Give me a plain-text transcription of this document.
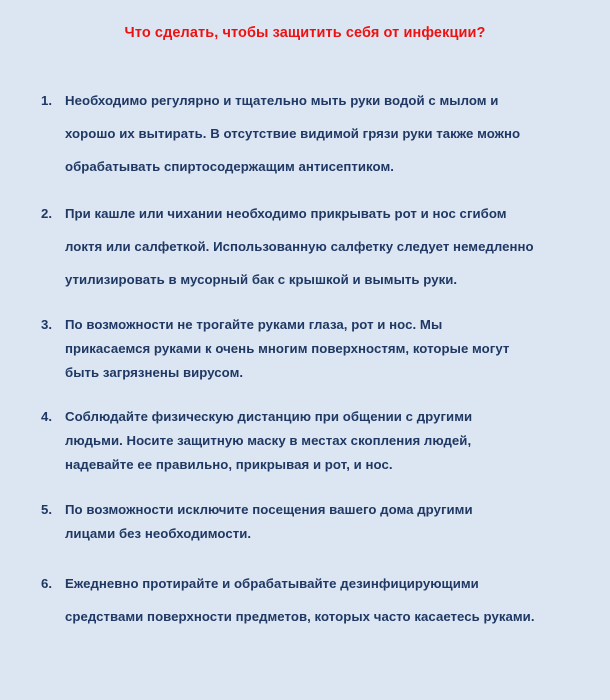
Что сделать, чтобы защитить себя от инфекции?
1. Необходимо регулярно и тщательно мыть руки водой с мылом и
хорошо их вытирать. В отсутствие видимой грязи руки также можно
обрабатывать спиртосодержащим антисептиком.
2. При кашле или чихании необходимо прикрывать рот и нос сгибом
локтя или салфеткой. Использованную салфетку следует немедленно
утилизировать в мусорный бак с крышкой и вымыть руки.
3. По возможности не трогайте руками глаза, рот и нос. Мы
прикасаемся руками к очень многим поверхностям, которые могут
быть загрязнены вирусом.
4. Соблюдайте физическую дистанцию при общении с другими
людьми. Носите защитную маску в местах скопления людей,
надевайте ее правильно, прикрывая и рот, и нос.
5. По возможности исключите посещения вашего дома другими
лицами без необходимости.
6. Ежедневно протирайте и обрабатывайте дезинфицирующими
средствами поверхности предметов, которых часто касаетесь руками.
